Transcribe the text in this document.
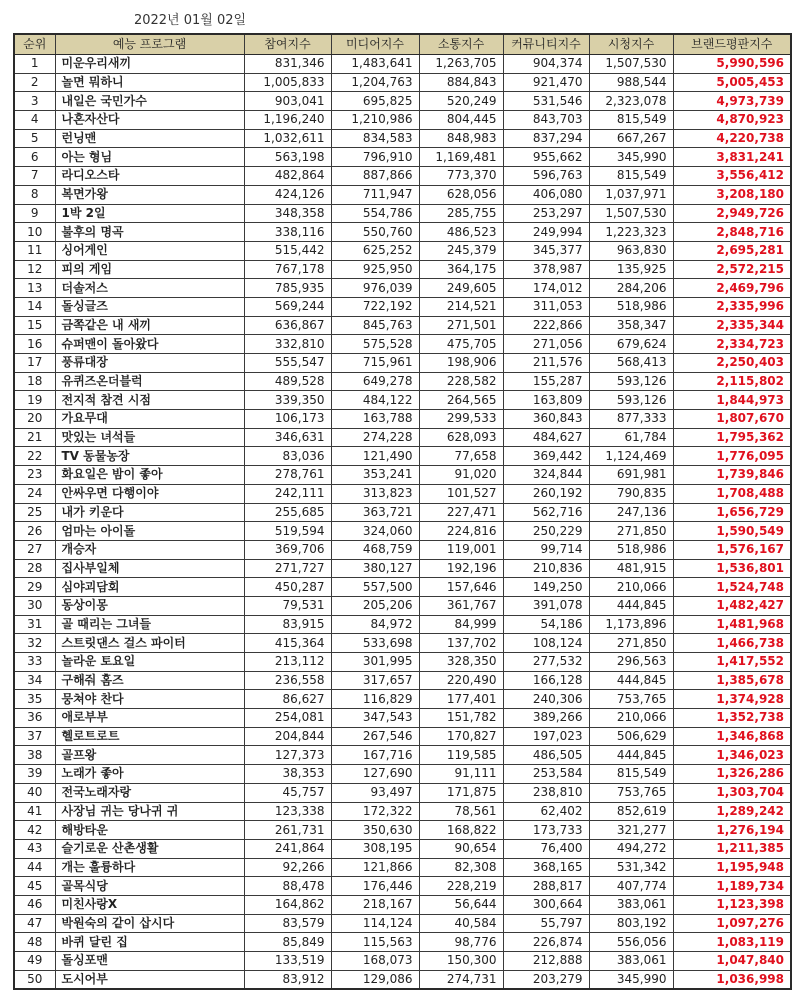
2022년 01월 02일
순위	예능 프로그램	참여지수	미디어지수	소통지수	커뮤니티지수	시청지수	브랜드평판지수
1	미운우리새끼	831,346	1,483,641	1,263,705	904,374	1,507,530	5,990,596
2	놀면 뭐하니	1,005,833	1,204,763	884,843	921,470	988,544	5,005,453
3	내일은 국민가수	903,041	695,825	520,249	531,546	2,323,078	4,973,739
4	나혼자산다	1,196,240	1,210,986	804,445	843,703	815,549	4,870,923
5	런닝맨	1,032,611	834,583	848,983	837,294	667,267	4,220,738
6	아는 형님	563,198	796,910	1,169,481	955,662	345,990	3,831,241
7	라디오스타	482,864	887,866	773,370	596,763	815,549	3,556,412
8	복면가왕	424,126	711,947	628,056	406,080	1,037,971	3,208,180
9	1박 2일	348,358	554,786	285,755	253,297	1,507,530	2,949,726
10	불후의 명곡	338,116	550,760	486,523	249,994	1,223,323	2,848,716
11	싱어게인	515,442	625,252	245,379	345,377	963,830	2,695,281
12	피의 게임	767,178	925,950	364,175	378,987	135,925	2,572,215
13	더솔저스	785,935	976,039	249,605	174,012	284,206	2,469,796
14	돌싱글즈	569,244	722,192	214,521	311,053	518,986	2,335,996
15	금쪽같은 내 새끼	636,867	845,763	271,501	222,866	358,347	2,335,344
16	슈퍼맨이 돌아왔다	332,810	575,528	475,705	271,056	679,624	2,334,723
17	풍류대장	555,547	715,961	198,906	211,576	568,413	2,250,403
18	유퀴즈온더블럭	489,528	649,278	228,582	155,287	593,126	2,115,802
19	전지적 참견 시점	339,350	484,122	264,565	163,809	593,126	1,844,973
20	가요무대	106,173	163,788	299,533	360,843	877,333	1,807,670
21	맛있는 녀석들	346,631	274,228	628,093	484,627	61,784	1,795,362
22	TV 동물농장	83,036	121,490	77,658	369,442	1,124,469	1,776,095
23	화요일은 밤이 좋아	278,761	353,241	91,020	324,844	691,981	1,739,846
24	안싸우면 다행이야	242,111	313,823	101,527	260,192	790,835	1,708,488
25	내가 키운다	255,685	363,721	227,471	562,716	247,136	1,656,729
26	엄마는 아이돌	519,594	324,060	224,816	250,229	271,850	1,590,549
27	개승자	369,706	468,759	119,001	99,714	518,986	1,576,167
28	집사부일체	271,727	380,127	192,196	210,836	481,915	1,536,801
29	심야괴담회	450,287	557,500	157,646	149,250	210,066	1,524,748
30	동상이몽	79,531	205,206	361,767	391,078	444,845	1,482,427
31	골 때리는 그녀들	83,915	84,972	84,999	54,186	1,173,896	1,481,968
32	스트릿댄스 걸스 파이터	415,364	533,698	137,702	108,124	271,850	1,466,738
33	놀라운 토요일	213,112	301,995	328,350	277,532	296,563	1,417,552
34	구해줘 홈즈	236,558	317,657	220,490	166,128	444,845	1,385,678
35	뭉쳐야 찬다	86,627	116,829	177,401	240,306	753,765	1,374,928
36	애로부부	254,081	347,543	151,782	389,266	210,066	1,352,738
37	헬로트로트	204,844	267,546	170,827	197,023	506,629	1,346,868
38	골프왕	127,373	167,716	119,585	486,505	444,845	1,346,023
39	노래가 좋아	38,353	127,690	91,111	253,584	815,549	1,326,286
40	전국노래자랑	45,757	93,497	171,875	238,810	753,765	1,303,704
41	사장님 귀는 당나귀 귀	123,338	172,322	78,561	62,402	852,619	1,289,242
42	해방타운	261,731	350,630	168,822	173,733	321,277	1,276,194
43	슬기로운 산촌생활	241,864	308,195	90,654	76,400	494,272	1,211,385
44	개는 훌륭하다	92,266	121,866	82,308	368,165	531,342	1,195,948
45	골목식당	88,478	176,446	228,219	288,817	407,774	1,189,734
46	미친사랑X	164,862	218,167	56,644	300,664	383,061	1,123,398
47	박원숙의 같이 삽시다	83,579	114,124	40,584	55,797	803,192	1,097,276
48	바퀴 달린 집	85,849	115,563	98,776	226,874	556,056	1,083,119
49	돌싱포맨	133,519	168,073	150,300	212,888	383,061	1,047,840
50	도시어부	83,912	129,086	274,731	203,279	345,990	1,036,998
